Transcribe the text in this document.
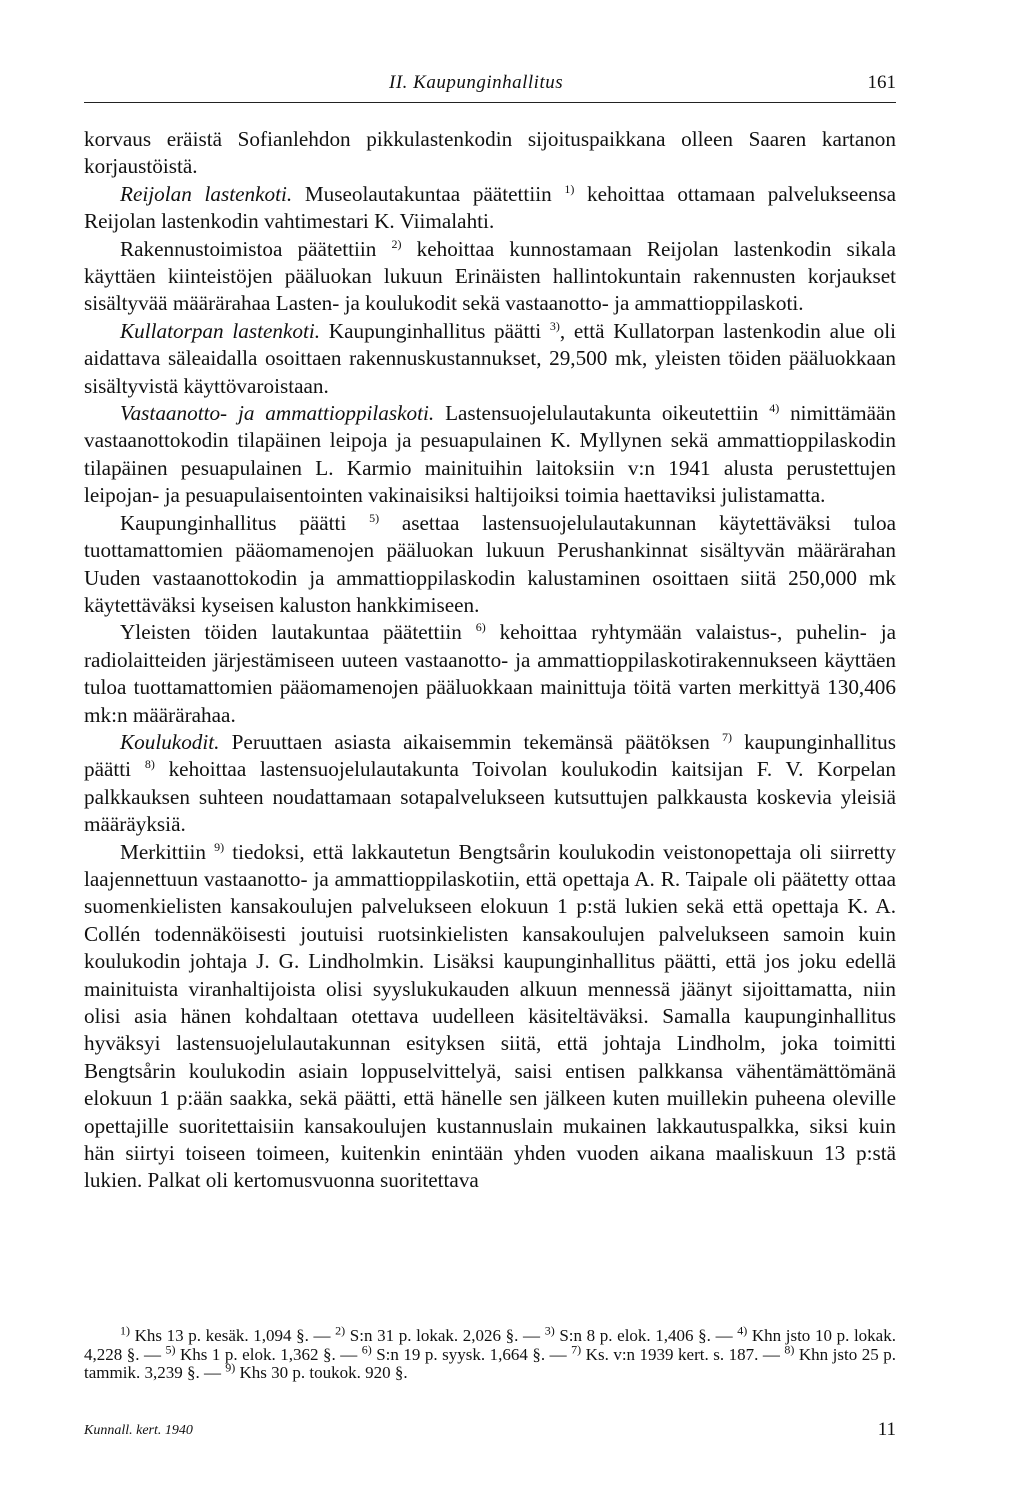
II. Kaupunginhallitus	161

korvaus eräistä Sofianlehdon pikkulastenkodin sijoituspaikkana olleen Saaren kartanon korjaustöistä.

Reijolan lastenkoti. Museolautakuntaa päätettiin $^{1)}$ kehoittaa ottamaan palvelukseensa Reijolan lastenkodin vahtimestari K. Viimalahti.

Rakennustoimistoa päätettiin $^{2)}$ kehoittaa kunnostamaan Reijolan lastenkodin sikala käyttäen kiinteistöjen pääluokan lukuun Erinäisten hallintokuntain rakennusten korjaukset sisältyvää määrärahaa Lasten- ja koulukodit sekä vastaanotto- ja ammattioppilaskoti.

Kullatorpan lastenkoti. Kaupunginhallitus päätti $^{3)}$, että Kullatorpan lastenkodin alue oli aidattava säleaidalla osoittaen rakennuskustannukset, 29,500 mk, yleisten töiden pääluokkaan sisältyvistä käyttövaroistaan.

Vastaanotto- ja ammattioppilaskoti. Lastensuojelulautakunta oikeutettiin $^{4)}$ nimittämään vastaanottokodin tilapäinen leipoja ja pesuapulainen K. Myllynen sekä ammattioppilaskodin tilapäinen pesuapulainen L. Karmio mainituihin laitoksiin v:n 1941 alusta perustettujen leipojan- ja pesuapulaisentointen vakinaisiksi haltijoiksi toimia haettaviksi julistamatta.

Kaupunginhallitus päätti $^{5)}$ asettaa lastensuojelulautakunnan käytettäväksi tuloa tuottamattomien pääomamenojen pääluokan lukuun Perushankinnat sisältyvän määrärahan Uuden vastaanottokodin ja ammattioppilaskodin kalustaminen osoittaen siitä 250,000 mk käytettäväksi kyseisen kaluston hankkimiseen.

Yleisten töiden lautakuntaa päätettiin $^{6)}$ kehoittaa ryhtymään valaistus-, puhelin- ja radiolaitteiden järjestämiseen uuteen vastaanotto- ja ammattioppilaskotirakennukseen käyttäen tuloa tuottamattomien pääomamenojen pääluokkaan mainittuja töitä varten merkittyä 130,406 mk:n määrärahaa.

Koulukodit. Peruuttaen asiasta aikaisemmin tekemänsä päätöksen $^{7)}$ kaupunginhallitus päätti $^{8)}$ kehoittaa lastensuojelulautakunta Toivolan koulukodin kaitsijan F. V. Korpelan palkkauksen suhteen noudattamaan sotapalvelukseen kutsuttujen palkkausta koskevia yleisiä määräyksiä.

Merkittiin $^{9)}$ tiedoksi, että lakkautetun Bengtsårin koulukodin veistonopettaja oli siirretty laajennettuun vastaanotto- ja ammattioppilaskotiin, että opettaja A. R. Taipale oli päätetty ottaa suomenkielisten kansakoulujen palvelukseen elokuun 1 p:stä lukien sekä että opettaja K. A. Collén todennäköisesti joutuisi ruotsinkielisten kansakoulujen palvelukseen samoin kuin koulukodin johtaja J. G. Lindholmkin. Lisäksi kaupunginhallitus päätti, että jos joku edellä mainituista viranhaltijoista olisi syyslukukauden alkuun mennessä jäänyt sijoittamatta, niin olisi asia hänen kohdaltaan otettava uudelleen käsiteltäväksi. Samalla kaupunginhallitus hyväksyi lastensuojelulautakunnan esityksen siitä, että johtaja Lindholm, joka toimitti Bengtsårin koulukodin asiain loppuselvittelyä, saisi entisen palkkansa vähentämättömänä elokuun 1 p:ään saakka, sekä päätti, että hänelle sen jälkeen kuten muillekin puheena oleville opettajille suoritettaisiin kansakoulujen kustannuslain mukainen lakkautuspalkka, siksi kuin hän siirtyi toiseen toimeen, kuitenkin enintään yhden vuoden aikana maaliskuun 13 p:stä lukien. Palkat oli kertomusvuonna suoritettava

$^{1)}$ Khs 13 p. kesäk. 1,094 §. — $^{2)}$ S:n 31 p. lokak. 2,026 §. — $^{3)}$ S:n 8 p. elok. 1,406 §. — $^{4)}$ Khn jsto 10 p. lokak. 4,228 §. — $^{5)}$ Khs 1 p. elok. 1,362 §. — $^{6)}$ S:n 19 p. syysk. 1,664 §. — $^{7)}$ Ks. v:n 1939 kert. s. 187. — $^{8)}$ Khn jsto 25 p. tammik. 3,239 §. — $^{9)}$ Khs 30 p. toukok. 920 §.

Kunnall. kert. 1940	11
